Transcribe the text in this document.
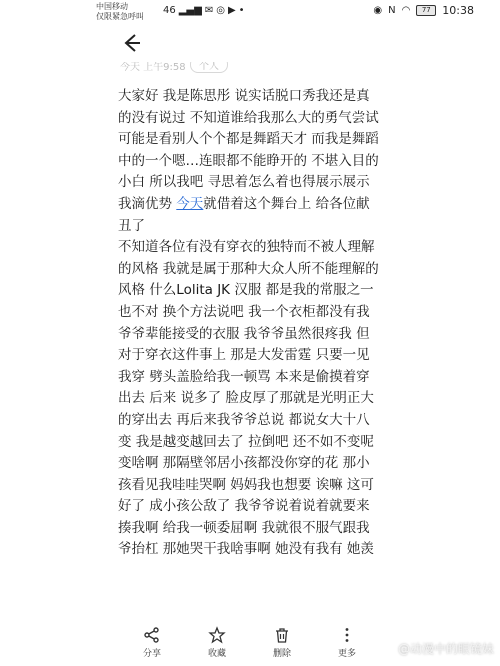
中国移动
仅限紧急呼叫
46 ▂▄▆ ✉ ◎ ▶ •	◉ N ◠	77	10:38
今天 上午9:58	个人

大家好 我是陈思彤 说实话脱口秀我还是真的没有说过 不知道谁给我那么大的勇气尝试可能是看别人个个都是舞蹈天才 而我是舞蹈中的一个嗯…连眼都不能睁开的 不堪入目的小白 所以我吧 寻思着怎么着也得展示展示我滴优势 今天就借着这个舞台上 给各位献丑了

不知道各位有没有穿衣的独特而不被人理解的风格 我就是属于那种大众人所不能理解的风格 什么Lolita JK 汉服 都是我的常服之一也不对 换个方法说吧 我一个衣柜都没有我爷爷辈能接受的衣服 我爷爷虽然很疼我 但对于穿衣这件事上 那是大发雷霆 只要一见我穿 劈头盖脸给我一顿骂 本来是偷摸着穿出去 后来 说多了 脸皮厚了那就是光明正大的穿出去 再后来我爷爷总说 都说女大十八变 我是越变越回去了 拉倒吧 还不如不变呢 变啥啊 那隔壁邻居小孩都没你穿的花 那小孩看见我哇哇哭啊 妈妈我也想要 诶嘛 这可好了 成小孩公敌了 我爷爷说着说着就要来揍我啊 给我一顿委屈啊 我就很不服气跟我爷抬杠 那她哭干我啥事啊 她没有我有 她羡

分享	收藏	删除	更多	@动漫中的眼镜妹
